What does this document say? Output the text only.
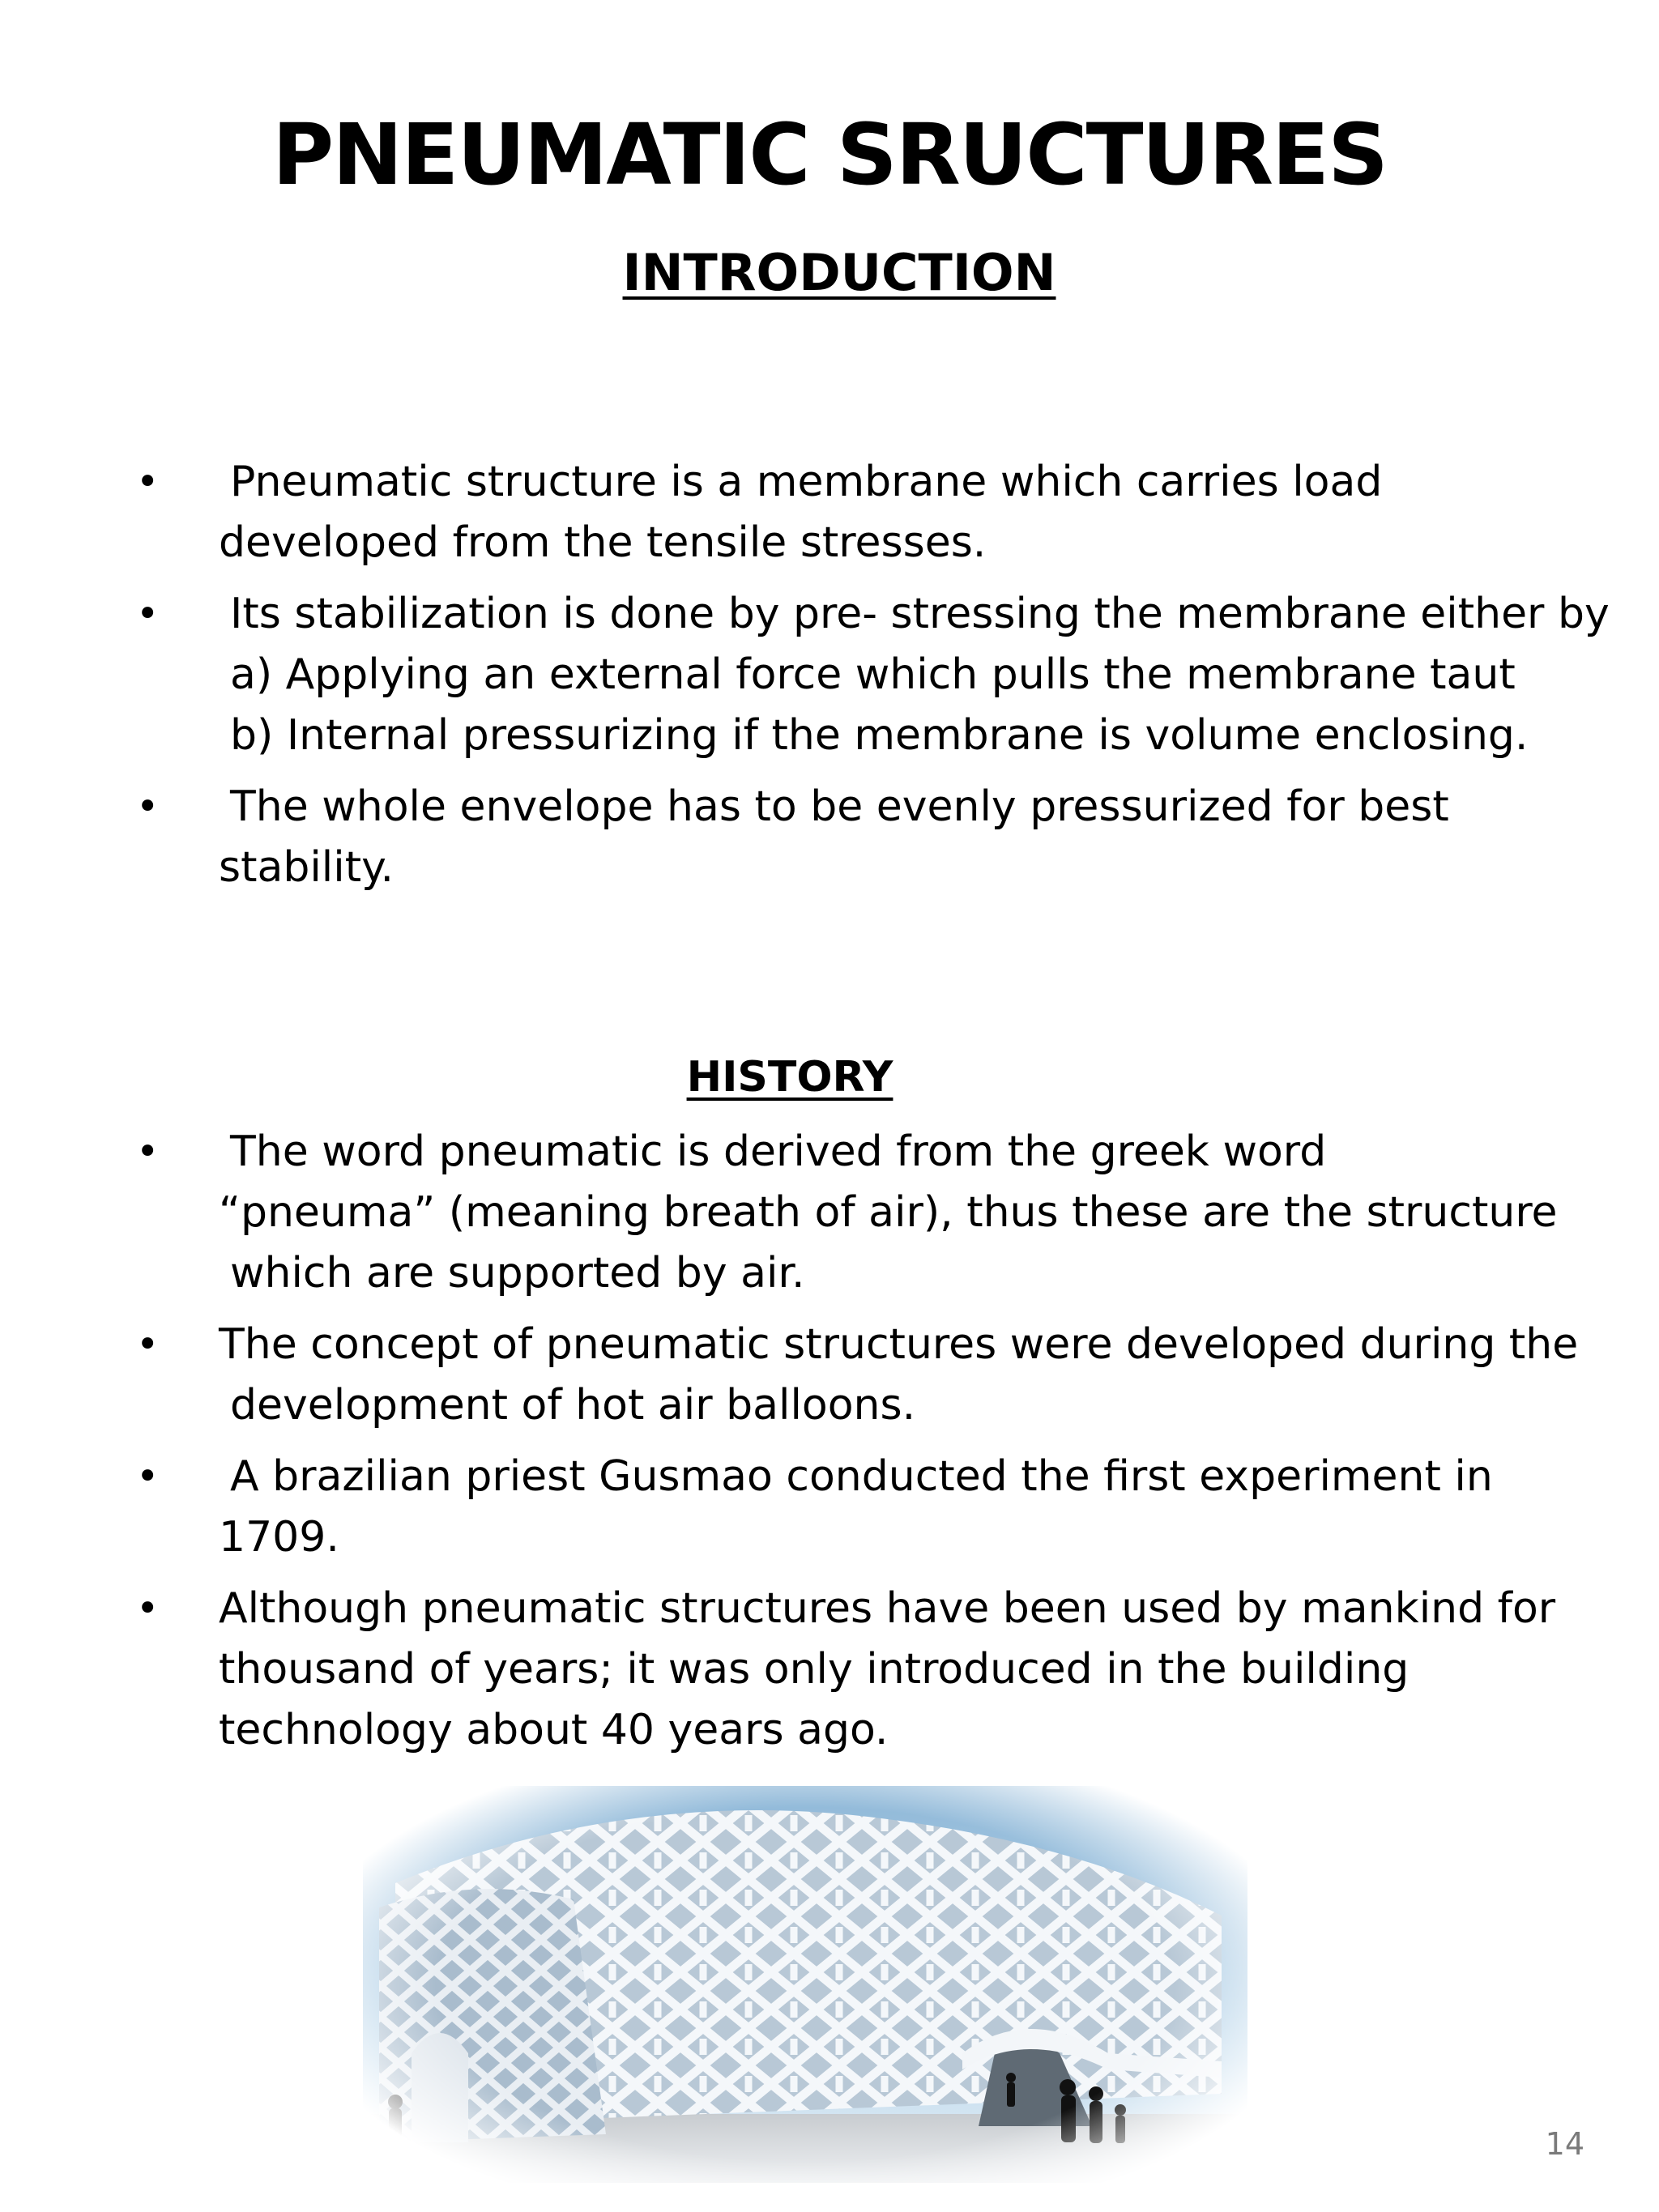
PNEUMATIC SRUCTURES
INTRODUCTION
• Pneumatic structure is a membrane which carries load
developed from the tensile stresses.
• Its stabilization is done by pre- stressing the membrane either by
a) Applying an external force which pulls the membrane taut
b) Internal pressurizing if the membrane is volume enclosing.
• The whole envelope has to be evenly pressurized for best
stability.
HISTORY
• The word pneumatic is derived from the greek word
“pneuma” (meaning breath of air), thus these are the structure
which are supported by air.
• The concept of pneumatic structures were developed during the
development of hot air balloons.
• A brazilian priest Gusmao conducted the first experiment in
1709.
• Although pneumatic structures have been used by mankind for
thousand of years; it was only introduced in the building
technology about 40 years ago.
14
